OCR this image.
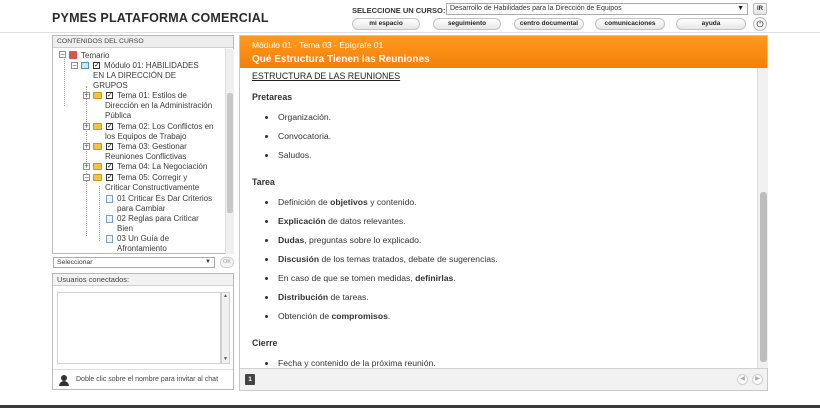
PYMES PLATAFORMA COMERCIAL
SELECCIONE UN CURSO: Desarrollo de Habilidades para la Dirección de Equipos	▼	IR
mi espacio	seguimiento	centro documental	comunicaciones	ayuda	⏻
CONTENIDOS DEL CURSO
− Temario
− ✓ Módulo 01: HABILIDADES
EN LA DIRECCIÓN DE
GRUPOS
+	✓ Tema 01: Estilos de
Dirección en la Administración
Pública
+	✓ Tema 02: Los Conflictos en
los Equipos de Trabajo
+	✓ Tema 03: Gestionar
Reuniones Conflictivas
+	✓ Tema 04: La Negociación
−	✓ Tema 05: Corregir y
Criticar Constructivamente
01 Criticar Es Dar Criterios
para Cambiar
02 Reglas para Criticar
Bien
03 Un Guía de
Afrontamiento
Seleccionar	▼	OK
Usuarios conectados:
▲
▼
Doble clic sobre el nombre para invitar al chat
Módulo 01 - Tema 03 - Epígrafe 01
Qué Estructura Tienen las Reuniones
ESTRUCTURA DE LAS REUNIONES
Pretareas
Organización.
Convocatoria.
Saludos.
Tarea
Definición de objetivos y contenido.
Explicación de datos relevantes.
Dudas, preguntas sobre lo explicado.
Discusión de los temas tratados, debate de sugerencias.
En caso de que se tomen medidas, definirlas.
Distribución de tareas.
Obtención de compromisos.
Cierre
Fecha y contenido de la próxima reunión.
1	◀	▶
